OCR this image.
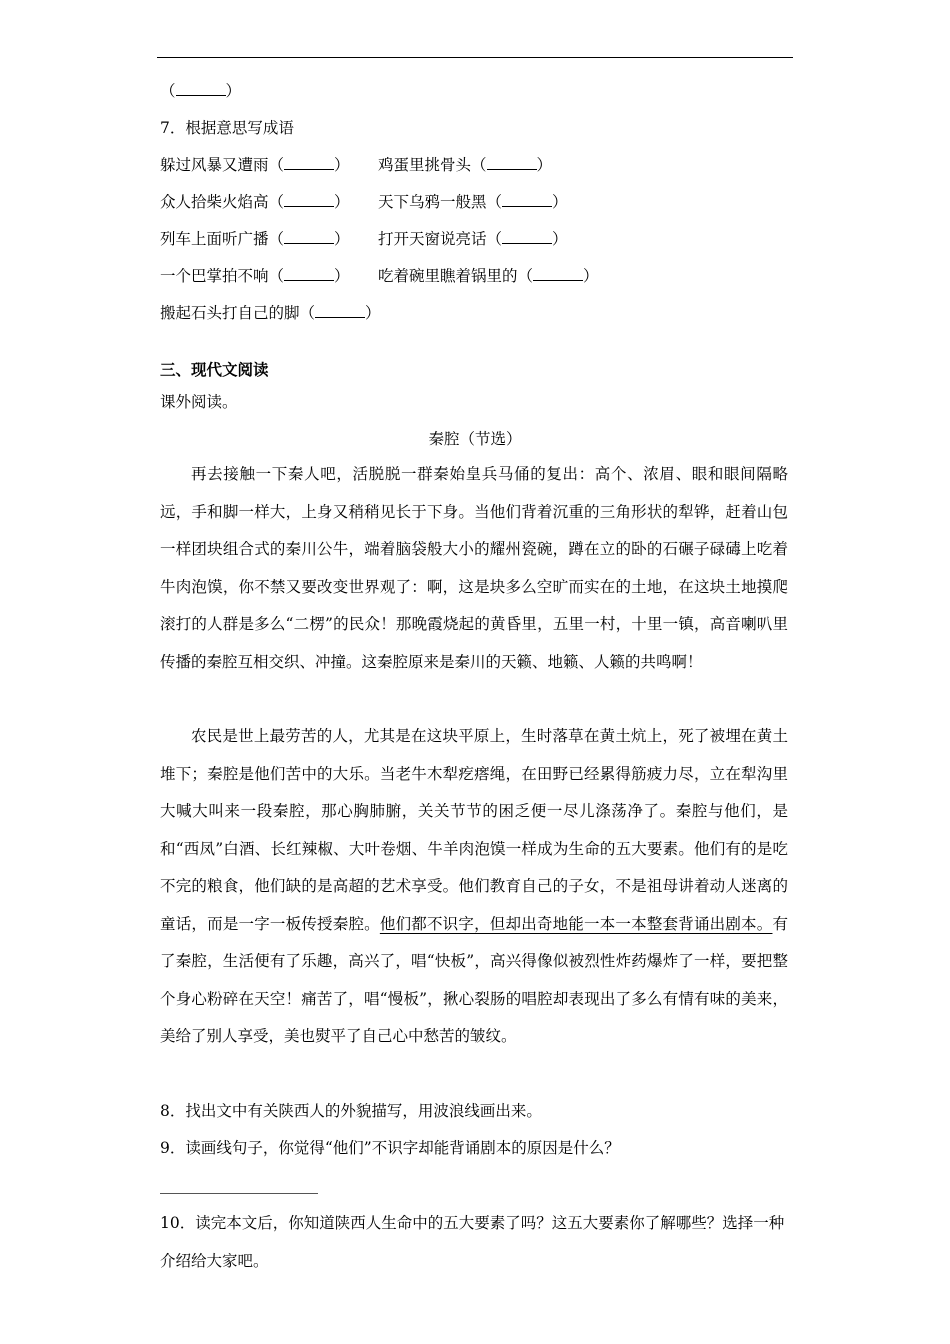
（	）
7．根据意思写成语
躲过风暴又遭雨（	） 鸡蛋里挑骨头（	）
众人拾柴火焰高（	） 天下乌鸦一般黑（	）
列车上面听广播（	） 打开天窗说亮话（	）
一个巴掌拍不响（	） 吃着碗里瞧着锅里的（	）
搬起石头打自己的脚（	）
三、现代文阅读
课外阅读。
秦腔（节选）
再去接触一下秦人吧，活脱脱一群秦始皇兵马俑的复出：高个、浓眉、眼和眼间隔略远，手和脚一样大，上身又稍稍见长于下身。当他们背着沉重的三角形状的犁铧，赶着山包一样团块组合式的秦川公牛，端着脑袋般大小的耀州瓷碗，蹲在立的卧的石碾子碌碡上吃着牛肉泡馍，你不禁又要改变世界观了：啊，这是块多么空旷而实在的土地，在这块土地摸爬滚打的人群是多么“二楞”的民众！那晚霞烧起的黄昏里，五里一村，十里一镇，高音喇叭里传播的秦腔互相交织、冲撞。这秦腔原来是秦川的天籁、地籁、人籁的共鸣啊！
农民是世上最劳苦的人，尤其是在这块平原上，生时落草在黄土炕上，死了被埋在黄土堆下；秦腔是他们苦中的大乐。当老牛木犁疙瘩绳，在田野已经累得筋疲力尽，立在犁沟里大喊大叫来一段秦腔，那心胸肺腑，关关节节的困乏便一尽儿涤荡净了。秦腔与他们，是和“西凤”白酒、长红辣椒、大叶卷烟、牛羊肉泡馍一样成为生命的五大要素。他们有的是吃不完的粮食，他们缺的是高超的艺术享受。他们教育自己的子女，不是祖母讲着动人迷离的童话，而是一字一板传授秦腔。他们都不识字，但却出奇地能一本一本整套背诵出剧本。有了秦腔，生活便有了乐趣，高兴了，唱“快板”，高兴得像似被烈性炸药爆炸了一样，要把整个身心粉碎在天空！痛苦了，唱“慢板”，揪心裂肠的唱腔却表现出了多么有情有味的美来，美给了别人享受，美也熨平了自己心中愁苦的皱纹。
8．找出文中有关陕西人的外貌描写，用波浪线画出来。
9．读画线句子，你觉得“他们”不识字却能背诵剧本的原因是什么？
10．读完本文后，你知道陕西人生命中的五大要素了吗？这五大要素你了解哪些？选择一种介绍给大家吧。
